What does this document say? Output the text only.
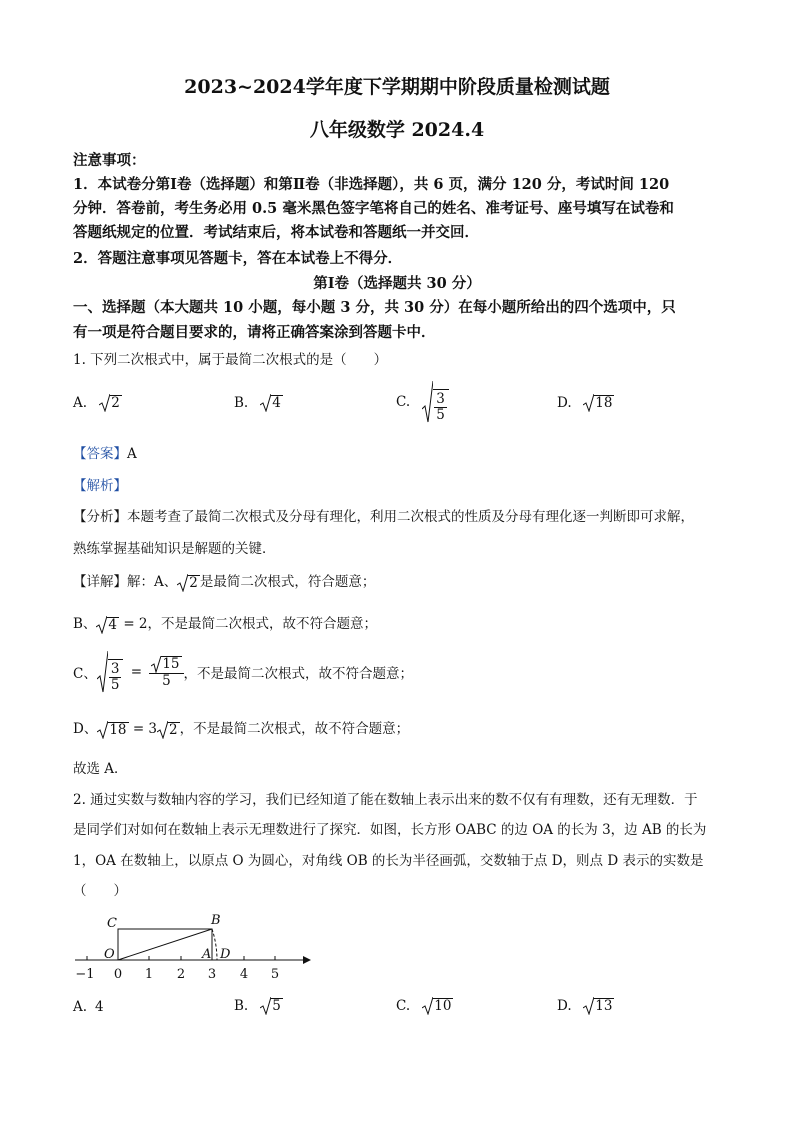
2023~2024学年度下学期期中阶段质量检测试题
八年级数学 2024.4
注意事项：
1．本试卷分第Ⅰ卷（选择题）和第Ⅱ卷（非选择题），共 6 页，满分 120 分，考试时间 120
分钟．答卷前，考生务必用 0.5 毫米黑色签字笔将自己的姓名、准考证号、座号填写在试卷和
答题纸规定的位置．考试结束后，将本试卷和答题纸一并交回．
2．答题注意事项见答题卡，答在本试卷上不得分．
第Ⅰ卷（选择题共 30 分）
一、选择题（本大题共 10 小题，每小题 3 分，共 30 分）在每小题所给出的四个选项中，只
有一项是符合题目要求的，请将正确答案涂到答题卡中．
1. 下列二次根式中，属于最简二次根式的是（　　）
A. 2	B. 4	C. $\frac{3}{5}$	D. 18
【答案】A
【解析】
【分析】本题考查了最简二次根式及分母有理化，利用二次根式的性质及分母有理化逐一判断即可求解，
熟练掌握基础知识是解题的关键．
【详解】解：A、 2 是最简二次根式，符合题意；
B、 4 = 2，不是最简二次根式，故不符合题意；
C、 $\frac{3}{5} = \frac{15}{5}$ ，不是最简二次根式，故不符合题意；
D、 18 = 3 2 ，不是最简二次根式，故不符合题意；
故选 A．
2. 通过实数与数轴内容的学习，我们已经知道了能在数轴上表示出来的数不仅有有理数，还有无理数．于
是同学们对如何在数轴上表示无理数进行了探究．如图，长方形 OABC 的边 OA 的长为 3，边 AB 的长为
1，OA 在数轴上，以原点 O 为圆心，对角线 OB 的长为半径画弧，交数轴于点 D，则点 D 表示的实数是
（　　）
C	B
O	A D
−1 0 1 2 3 4 5
A. 4	B. 5	C. 10	D. 13
